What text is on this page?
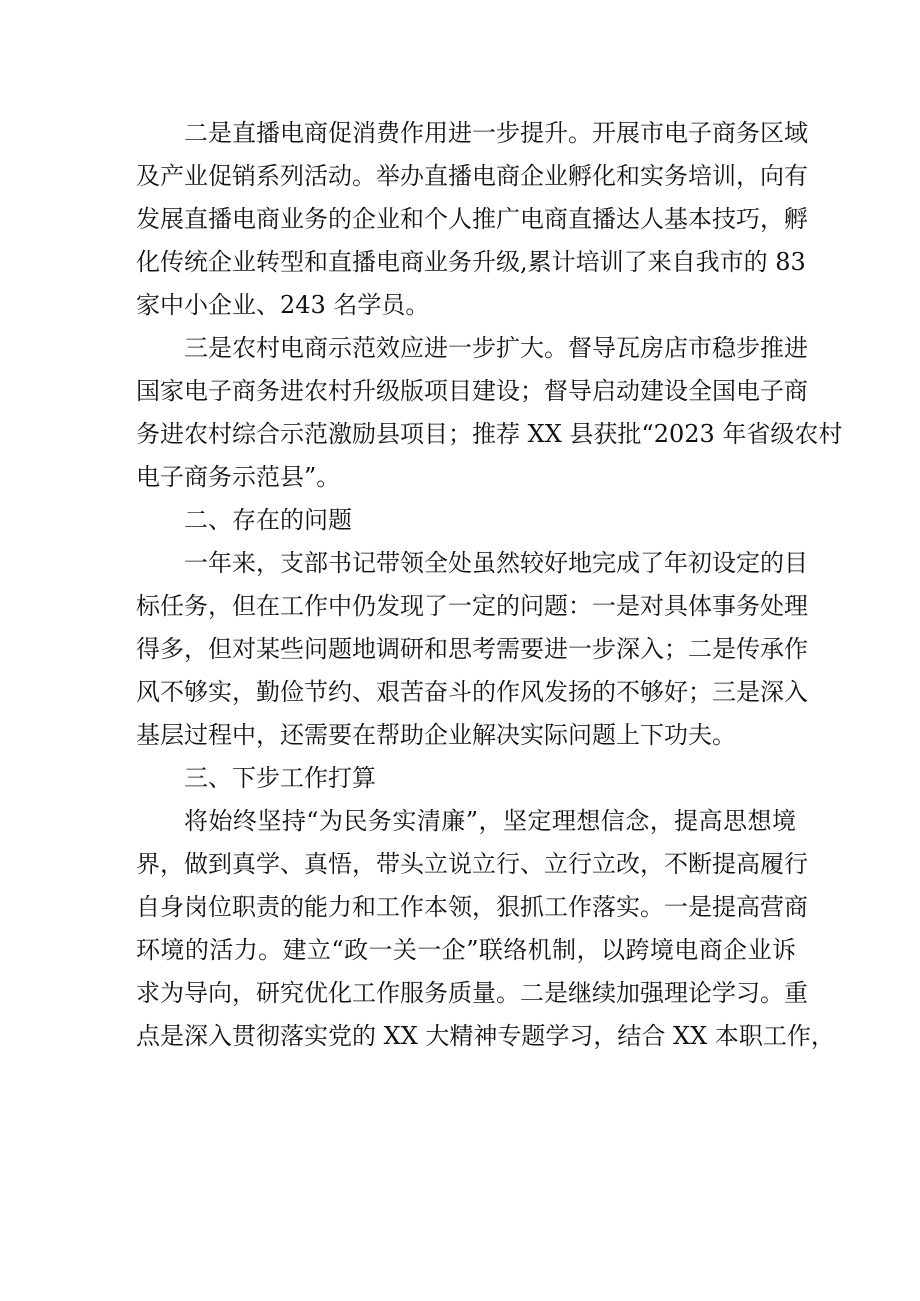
二是直播电商促消费作用进一步提升。开展市电子商务区域
及产业促销系列活动。举办直播电商企业孵化和实务培训，向有
发展直播电商业务的企业和个人推广电商直播达人基本技巧，孵
化传统企业转型和直播电商业务升级,累计培训了来自我市的 83
家中小企业、243 名学员。
三是农村电商示范效应进一步扩大。督导瓦房店市稳步推进
国家电子商务进农村升级版项目建设；督导启动建设全国电子商
务进农村综合示范激励县项目；推荐 XX 县获批“2023 年省级农村
电子商务示范县”。
二、存在的问题
一年来，支部书记带领全处虽然较好地完成了年初设定的目
标任务，但在工作中仍发现了一定的问题：一是对具体事务处理
得多，但对某些问题地调研和思考需要进一步深入；二是传承作
风不够实，勤俭节约、艰苦奋斗的作风发扬的不够好；三是深入
基层过程中，还需要在帮助企业解决实际问题上下功夫。
三、下步工作打算
将始终坚持“为民务实清廉”，坚定理想信念，提高思想境
界，做到真学、真悟，带头立说立行、立行立改，不断提高履行
自身岗位职责的能力和工作本领，狠抓工作落实。一是提高营商
环境的活力。建立“政一关一企”联络机制，以跨境电商企业诉
求为导向，研究优化工作服务质量。二是继续加强理论学习。重
点是深入贯彻落实党的 XX 大精神专题学习，结合 XX 本职工作，
